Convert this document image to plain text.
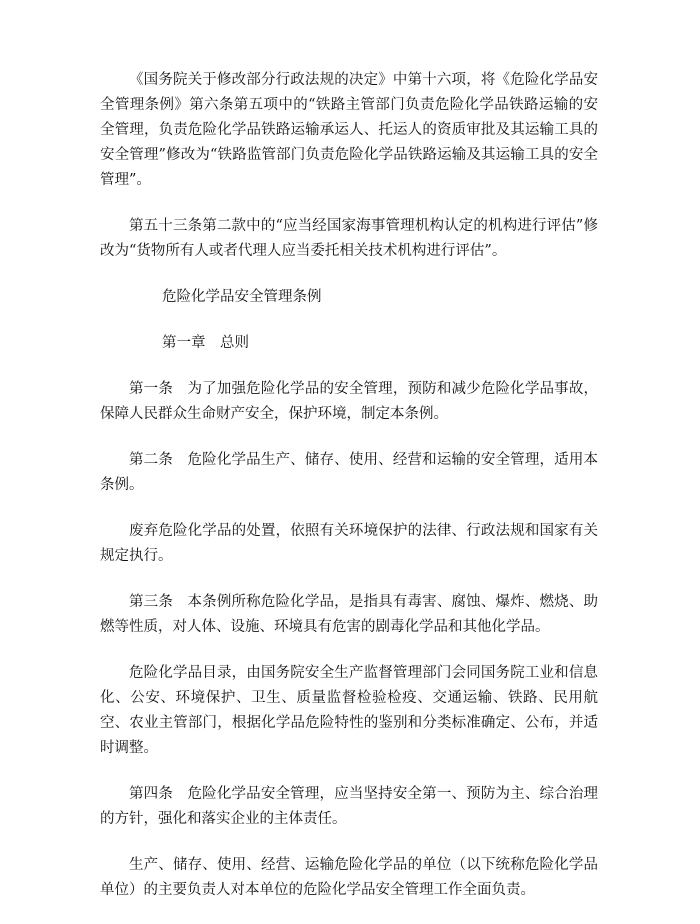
《国务院关于修改部分行政法规的决定》中第十六项，将《危险化学品安全管理条例》第六条第五项中的“铁路主管部门负责危险化学品铁路运输的安全管理，负责危险化学品铁路运输承运人、托运人的资质审批及其运输工具的安全管理”修改为“铁路监管部门负责危险化学品铁路运输及其运输工具的安全管理”。

第五十三条第二款中的“应当经国家海事管理机构认定的机构进行评估”修改为“货物所有人或者代理人应当委托相关技术机构进行评估”。

危险化学品安全管理条例

第一章　总则

第一条 为了加强危险化学品的安全管理，预防和减少危险化学品事故，保障人民群众生命财产安全，保护环境，制定本条例。

第二条 危险化学品生产、储存、使用、经营和运输的安全管理，适用本条例。

废弃危险化学品的处置，依照有关环境保护的法律、行政法规和国家有关规定执行。

第三条 本条例所称危险化学品，是指具有毒害、腐蚀、爆炸、燃烧、助燃等性质，对人体、设施、环境具有危害的剧毒化学品和其他化学品。

危险化学品目录，由国务院安全生产监督管理部门会同国务院工业和信息化、公安、环境保护、卫生、质量监督检验检疫、交通运输、铁路、民用航空、农业主管部门，根据化学品危险特性的鉴别和分类标准确定、公布，并适时调整。

第四条 危险化学品安全管理，应当坚持安全第一、预防为主、综合治理的方针，强化和落实企业的主体责任。

生产、储存、使用、经营、运输危险化学品的单位（以下统称危险化学品单位）的主要负责人对本单位的危险化学品安全管理工作全面负责。
